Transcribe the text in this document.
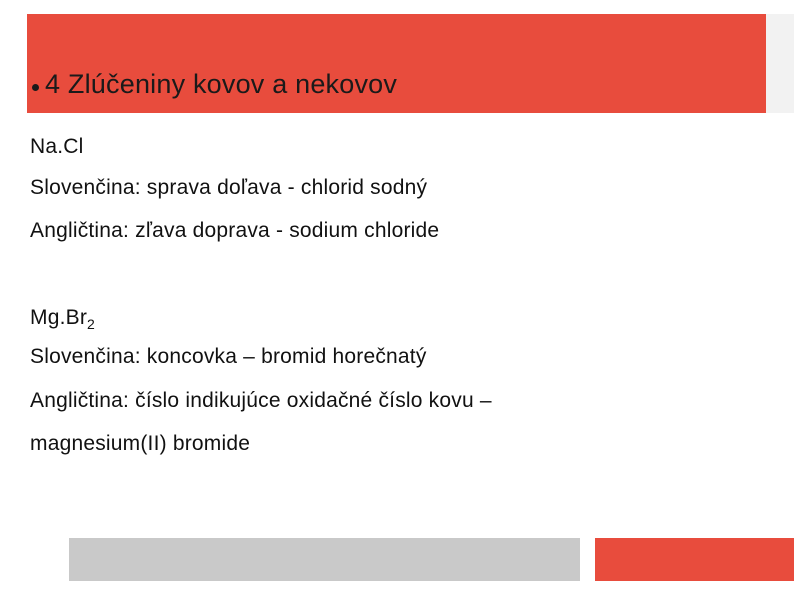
4 Zlúčeniny kovov a nekovov
Na.Cl
Slovenčina: sprava doľava - chlorid sodný
Angličtina: zľava doprava - sodium chloride
$Mg.Br_2$
Slovenčina: koncovka – bromid horečnatý
Angličtina: číslo indikujúce oxidačné číslo kovu –
magnesium(II) bromide
